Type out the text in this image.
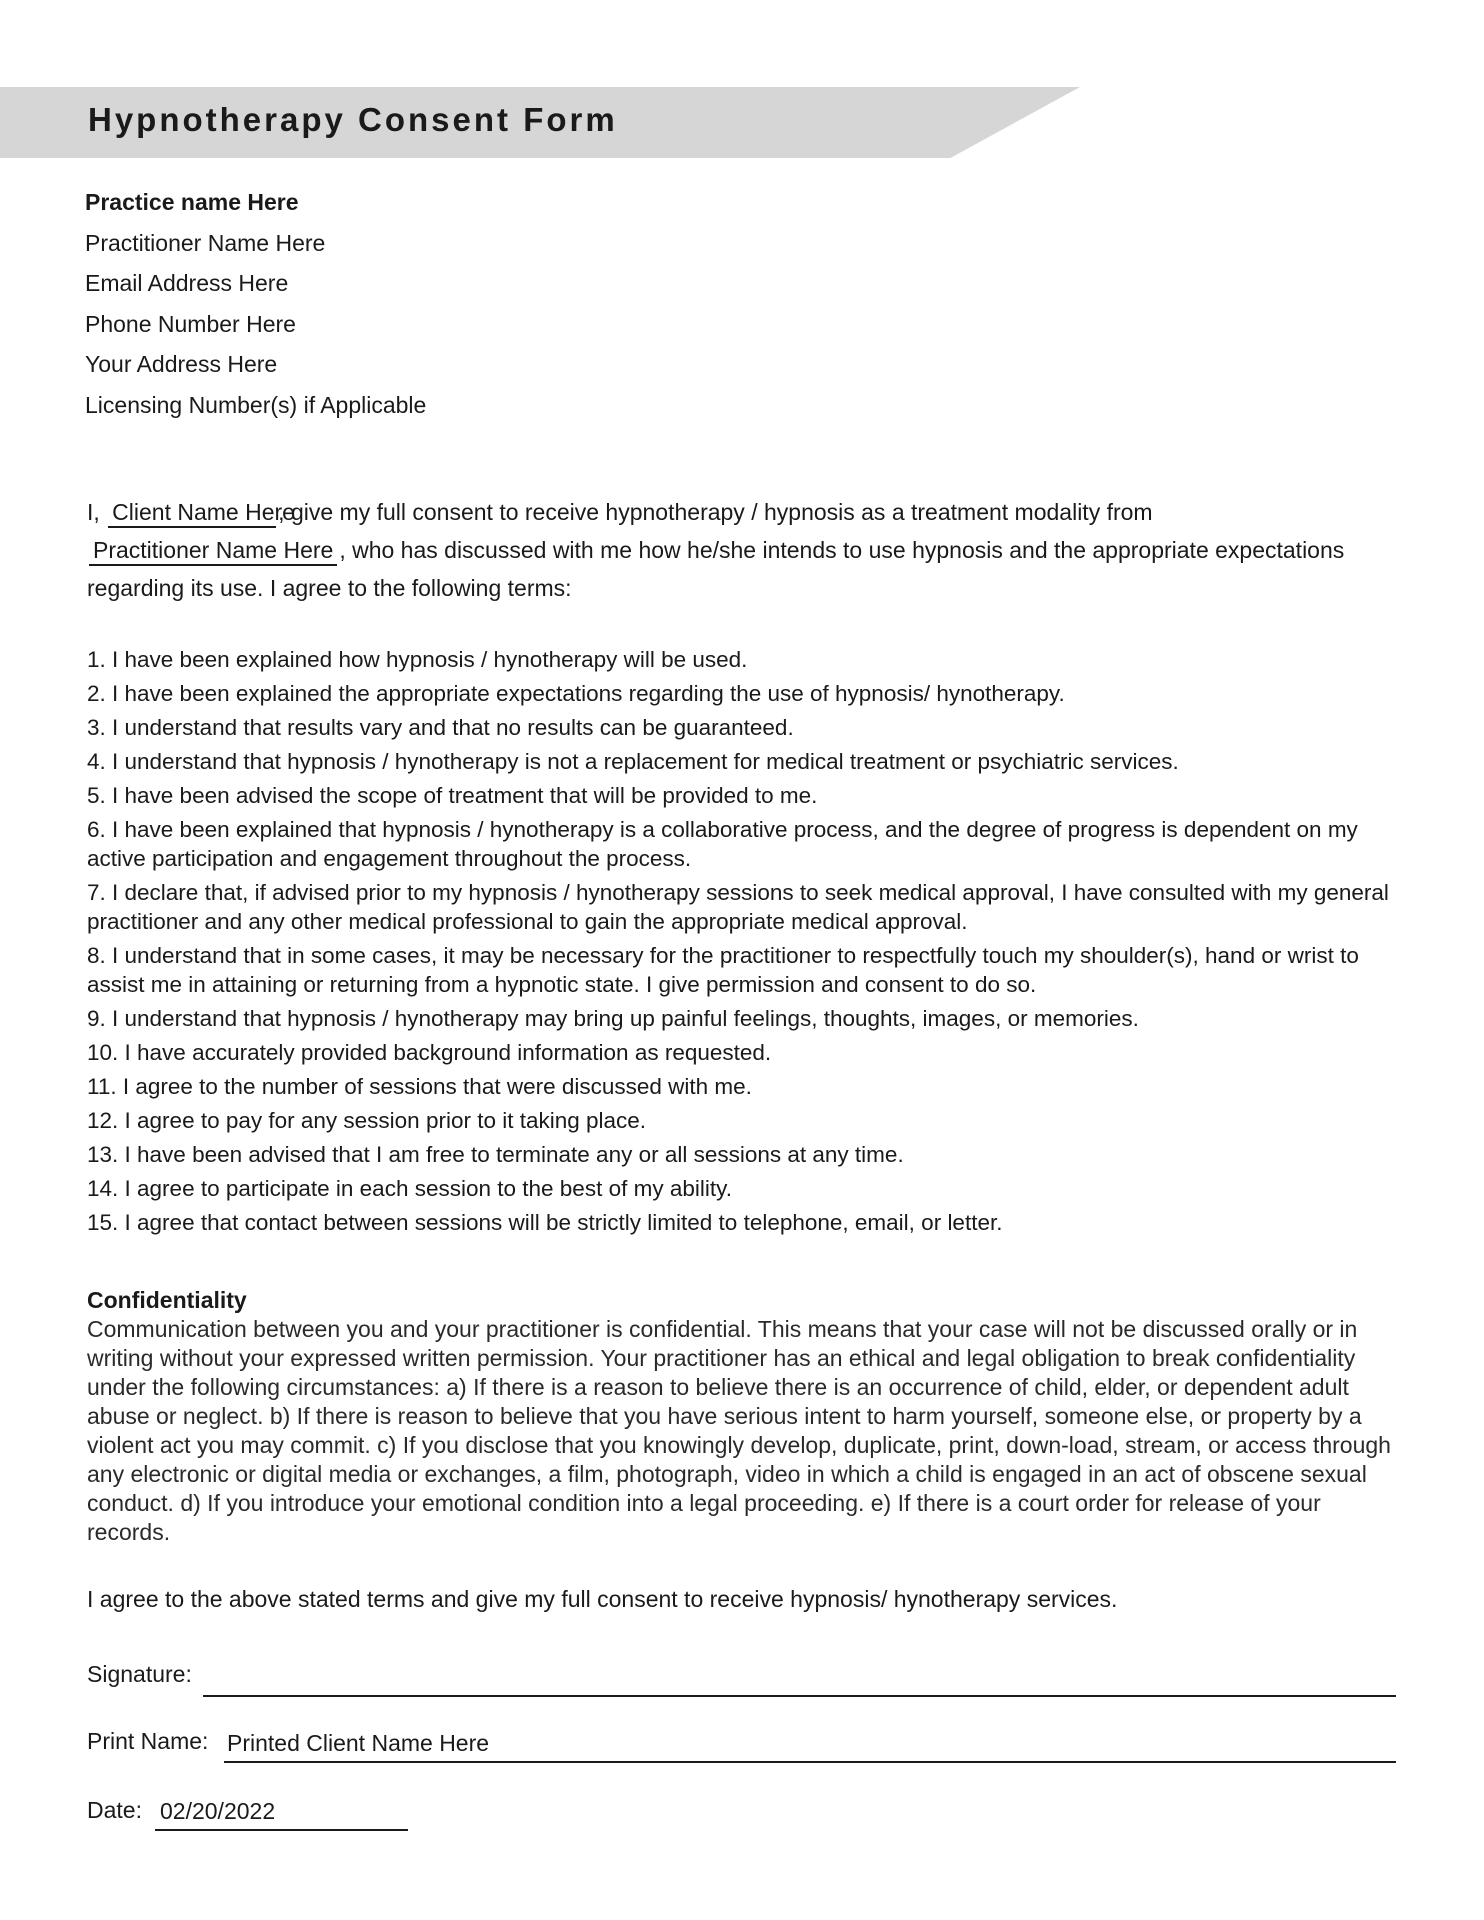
Hypnotherapy Consent Form
Practice name Here
Practitioner Name Here
Email Address Here
Phone Number Here
Your Address Here
Licensing Number(s) if Applicable
I, Client Name Here, give my full consent to receive hypnotherapy / hypnosis as a treatment modality from
Practitioner Name Here , who has discussed with me how he/she intends to use hypnosis and the appropriate expectations
regarding its use. I agree to the following terms:
1. I have been explained how hypnosis / hynotherapy will be used.
2. I have been explained the appropriate expectations regarding the use of hypnosis/ hynotherapy.
3. I understand that results vary and that no results can be guaranteed.
4. I understand that hypnosis / hynotherapy is not a replacement for medical treatment or psychiatric services.
5. I have been advised the scope of treatment that will be provided to me.
6. I have been explained that hypnosis / hynotherapy is a collaborative process, and the degree of progress is dependent on my active participation and engagement throughout the process.
7. I declare that, if advised prior to my hypnosis / hynotherapy sessions to seek medical approval, I have consulted with my general practitioner and any other medical professional to gain the appropriate medical approval.
8. I understand that in some cases, it may be necessary for the practitioner to respectfully touch my shoulder(s), hand or wrist to assist me in attaining or returning from a hypnotic state. I give permission and consent to do so.
9. I understand that hypnosis / hynotherapy may bring up painful feelings, thoughts, images, or memories.
10. I have accurately provided background information as requested.
11. I agree to the number of sessions that were discussed with me.
12. I agree to pay for any session prior to it taking place.
13. I have been advised that I am free to terminate any or all sessions at any time.
14. I agree to participate in each session to the best of my ability.
15. I agree that contact between sessions will be strictly limited to telephone, email, or letter.
Confidentiality
Communication between you and your practitioner is confidential. This means that your case will not be discussed orally or in writing without your expressed written permission. Your practitioner has an ethical and legal obligation to break confidentiality under the following circumstances: a) If there is a reason to believe there is an occurrence of child, elder, or dependent adult abuse or neglect. b) If there is reason to believe that you have serious intent to harm yourself, someone else, or property by a violent act you may commit. c) If you disclose that you knowingly develop, duplicate, print, down-load, stream, or access through any electronic or digital media or exchanges, a film, photograph, video in which a child is engaged in an act of obscene sexual conduct. d) If you introduce your emotional condition into a legal proceeding. e) If there is a court order for release of your records.
I agree to the above stated terms and give my full consent to receive hypnosis/ hynotherapy services.
Signature:
Print Name: Printed Client Name Here
Date: 02/20/2022
